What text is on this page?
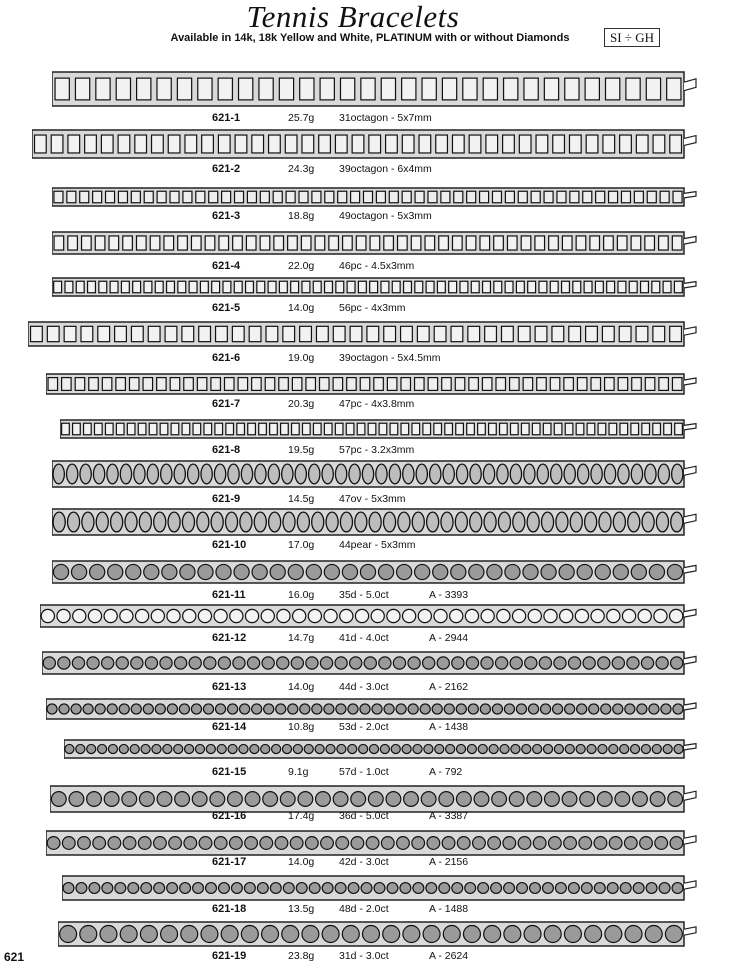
Tennis Bracelets
Available in 14k, 18k Yellow and White, PLATINUM with or without Diamonds	SI ÷ GH
621-1	25.7g	31octagon - 5x7mm
621-2	24.3g	39octagon - 6x4mm
621-3	18.8g	49octagon - 5x3mm
621-4	22.0g	46pc - 4.5x3mm
621-5	14.0g	56pc - 4x3mm
621-6	19.0g	39octagon - 5x4.5mm
621-7	20.3g	47pc - 4x3.8mm
621-8	19.5g	57pc - 3.2x3mm
621-9	14.5g	47ov - 5x3mm
621-10	17.0g	44pear - 5x3mm
621-11	16.0g	35d - 5.0ct	A - 3393
621-12	14.7g	41d - 4.0ct	A - 2944
621-13	14.0g	44d - 3.0ct	A - 2162
621-14	10.8g	53d - 2.0ct	A - 1438
621-15	9.1g	57d - 1.0ct	A - 792
621-16	17.4g	36d - 5.0ct	A - 3387
621-17	14.0g	42d - 3.0ct	A - 2156
621-18	13.5g	48d - 2.0ct	A - 1488
621-19	23.8g	31d - 3.0ct	A - 2624
621
